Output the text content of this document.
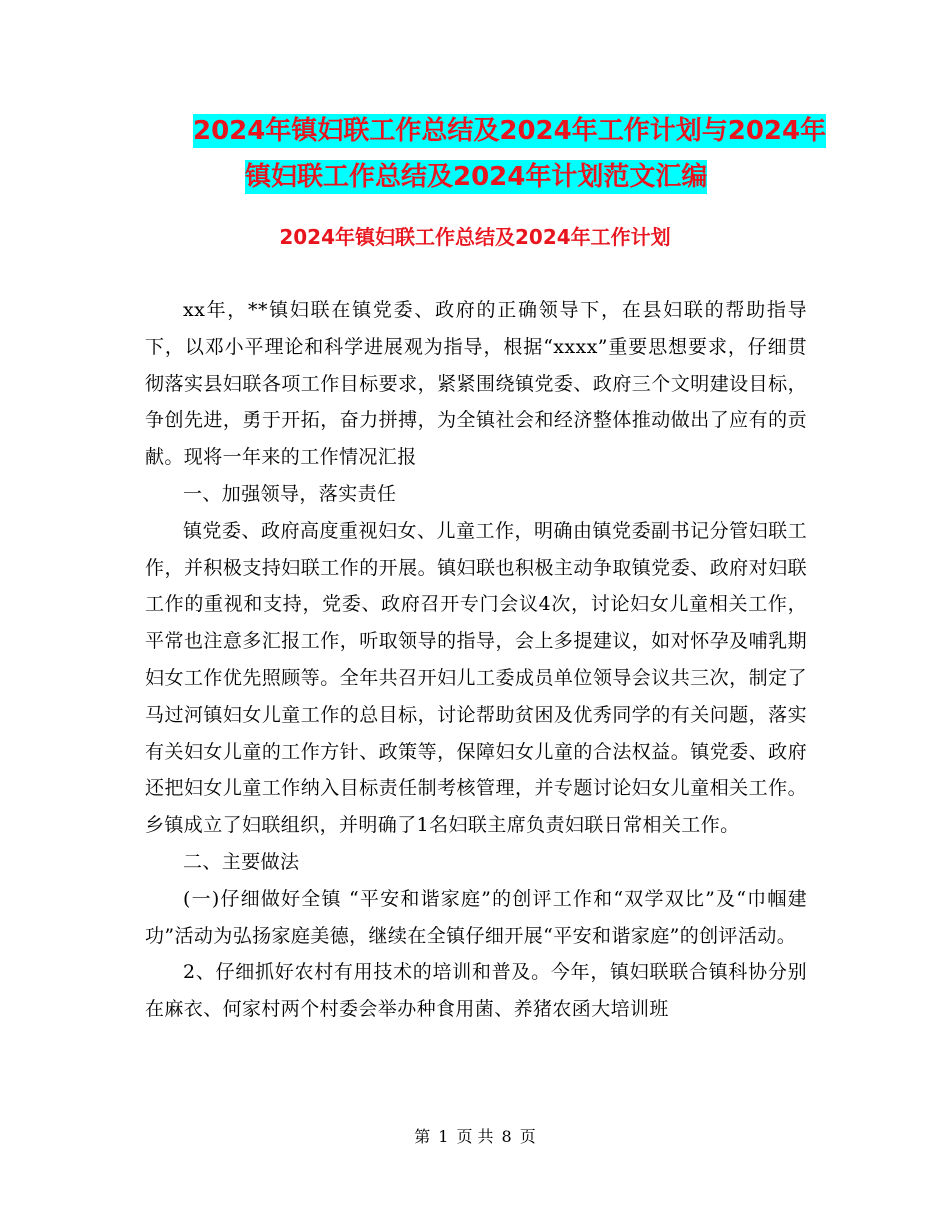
2024年镇妇联工作总结及2024年工作计划与2024年
镇妇联工作总结及2024年计划范文汇编
2024年镇妇联工作总结及2024年工作计划

xx年，**镇妇联在镇党委、政府的正确领导下，在县妇联的帮助指导下，以邓小平理论和科学进展观为指导，根据“xxxx”重要思想要求，仔细贯彻落实县妇联各项工作目标要求，紧紧围绕镇党委、政府三个文明建设目标，争创先进，勇于开拓，奋力拼搏，为全镇社会和经济整体推动做出了应有的贡献。现将一年来的工作情况汇报

一、加强领导，落实责任

镇党委、政府高度重视妇女、儿童工作，明确由镇党委副书记分管妇联工作，并积极支持妇联工作的开展。镇妇联也积极主动争取镇党委、政府对妇联工作的重视和支持，党委、政府召开专门会议4次，讨论妇女儿童相关工作，平常也注意多汇报工作，听取领导的指导，会上多提建议，如对怀孕及哺乳期妇女工作优先照顾等。全年共召开妇儿工委成员单位领导会议共三次，制定了马过河镇妇女儿童工作的总目标，讨论帮助贫困及优秀同学的有关问题，落实有关妇女儿童的工作方针、政策等，保障妇女儿童的合法权益。镇党委、政府还把妇女儿童工作纳入目标责任制考核管理，并专题讨论妇女儿童相关工作。乡镇成立了妇联组织，并明确了1名妇联主席负责妇联日常相关工作。

二、主要做法

(一)仔细做好全镇 “平安和谐家庭”的创评工作和“双学双比”及“巾帼建功”活动为弘扬家庭美德，继续在全镇仔细开展“平安和谐家庭”的创评活动。

2、仔细抓好农村有用技术的培训和普及。今年，镇妇联联合镇科协分别在麻衣、何家村两个村委会举办种食用菌、养猪农函大培训班

第 1 页 共 8 页
